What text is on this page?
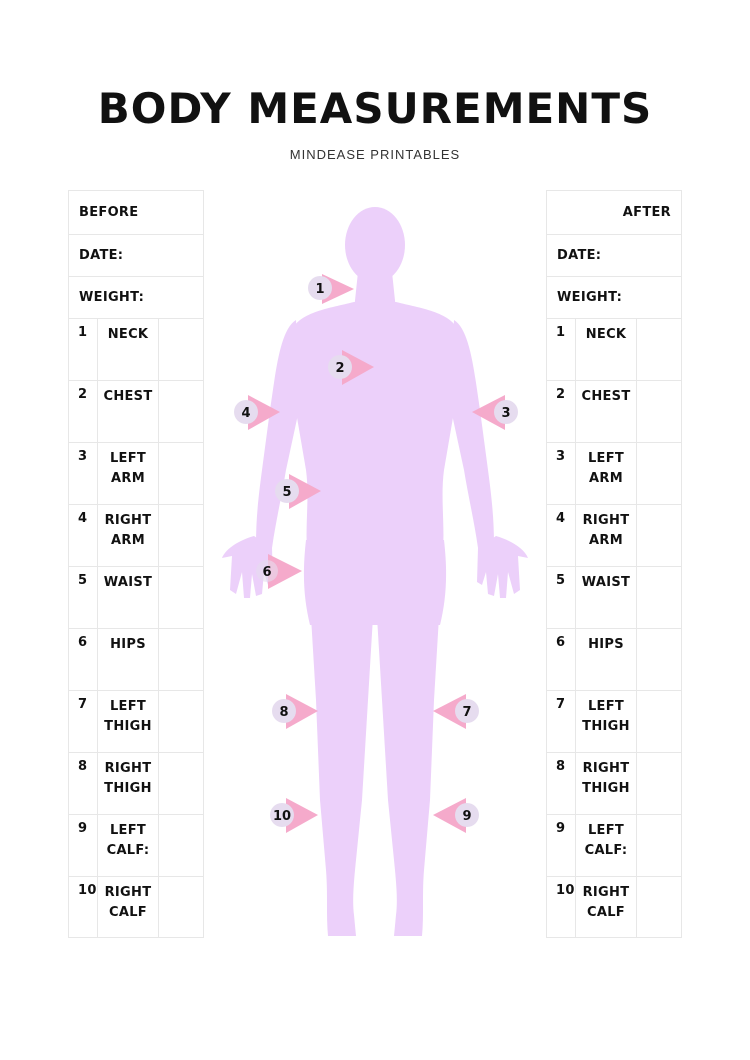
BODY MEASUREMENTS
MINDEASE PRINTABLES
BEFORE
DATE:
WEIGHT:
1	NECK
2	CHEST
3	LEFT ARM
4	RIGHT ARM
5	WAIST
6	HIPS
7	LEFT THIGH
8	RIGHT THIGH
9	LEFT CALF:
10 RIGHT CALF
AFTER
DATE:
WEIGHT:
1	NECK
2	CHEST
3	LEFT ARM
4	RIGHT ARM
5	WAIST
6	HIPS
7	LEFT THIGH
8	RIGHT THIGH
9	LEFT CALF:
10 RIGHT CALF
1
2
3
4
5
6
7
8
9
10
